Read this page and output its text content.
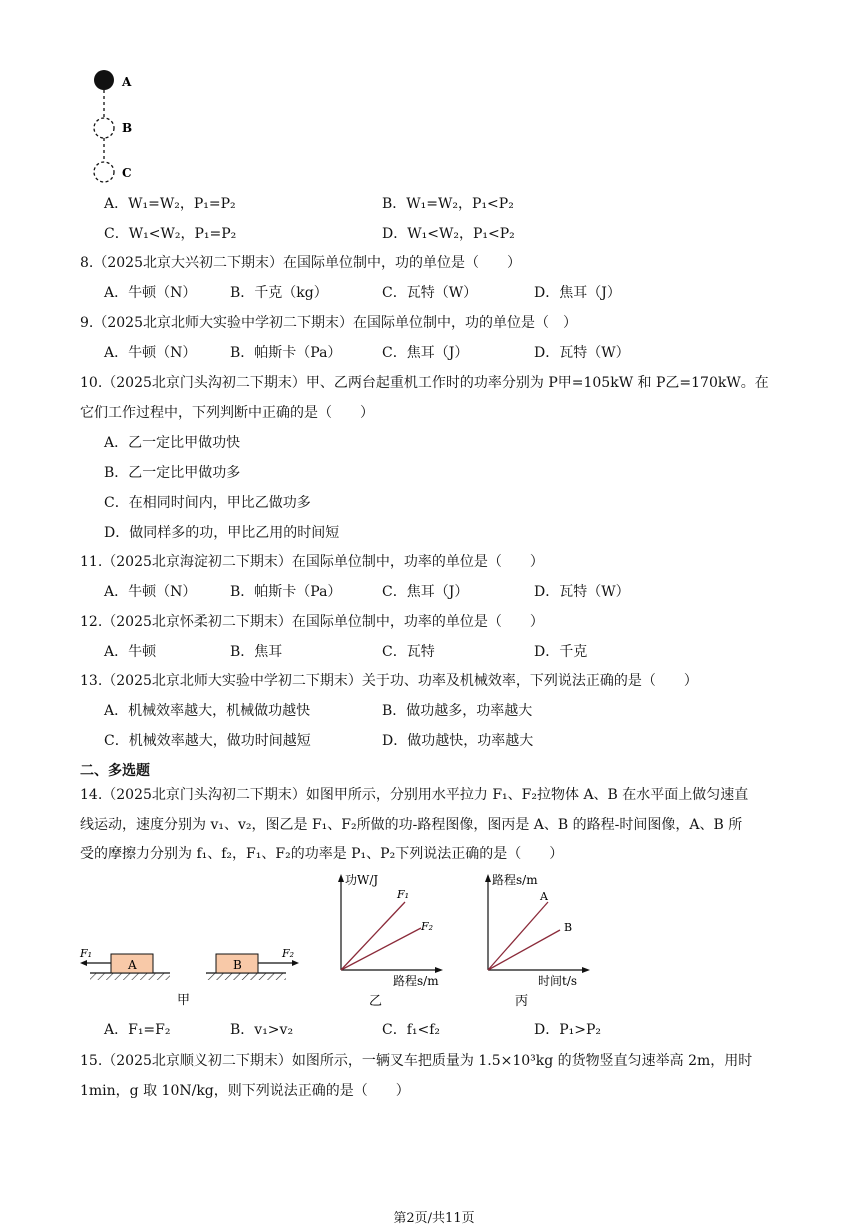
A
B
C
A．W₁=W₂，P₁=P₂	B．W₁=W₂，P₁<P₂
C．W₁<W₂，P₁=P₂	D．W₁<W₂，P₁<P₂
8.（2025北京大兴初二下期末）在国际单位制中，功的单位是（　　）
A．牛顿（N） B．千克（kg）	C．瓦特（W）	D．焦耳（J）
9.（2025北京北师大实验中学初二下期末）在国际单位制中，功的单位是（　）
A．牛顿（N） B．帕斯卡（Pa）	C．焦耳（J）	D．瓦特（W）
10.（2025北京门头沟初二下期末）甲、乙两台起重机工作时的功率分别为 P甲=105kW 和 P乙=170kW。在
它们工作过程中，下列判断中正确的是（　　）
A．乙一定比甲做功快
B．乙一定比甲做功多
C．在相同时间内，甲比乙做功多
D．做同样多的功，甲比乙用的时间短
11.（2025北京海淀初二下期末）在国际单位制中，功率的单位是（　　）
A．牛顿（N） B．帕斯卡（Pa）	C．焦耳（J）	D．瓦特（W）
12.（2025北京怀柔初二下期末）在国际单位制中，功率的单位是（　　）
A．牛顿	B．焦耳	C．瓦特	D．千克
13.（2025北京北师大实验中学初二下期末）关于功、功率及机械效率，下列说法正确的是（　　）
A．机械效率越大，机械做功越快	B．做功越多，功率越大
C．机械效率越大，做功时间越短	D．做功越快，功率越大
二、多选题
14.（2025北京门头沟初二下期末）如图甲所示，分别用水平拉力 F₁、F₂拉物体 A、B 在水平面上做匀速直
线运动，速度分别为 v₁、v₂，图乙是 F₁、F₂所做的功-路程图像，图丙是 A、B 的路程-时间图像，A、B 所
受的摩擦力分别为 f₁、f₂，F₁、F₂的功率是 P₁、P₂下列说法正确的是（　　）
A
F₁
B
F₂
甲
功W/J
F₁
F₂
路程s/m
乙
路程s/m
A
B
时间t/s
丙
A．F₁=F₂	B．v₁>v₂	C．f₁<f₂	D．P₁>P₂
15.（2025北京顺义初二下期末）如图所示，一辆叉车把质量为 1.5×10³kg 的货物竖直匀速举高 2m，用时
1min，g 取 10N/kg，则下列说法正确的是（　　）
第2页/共11页
